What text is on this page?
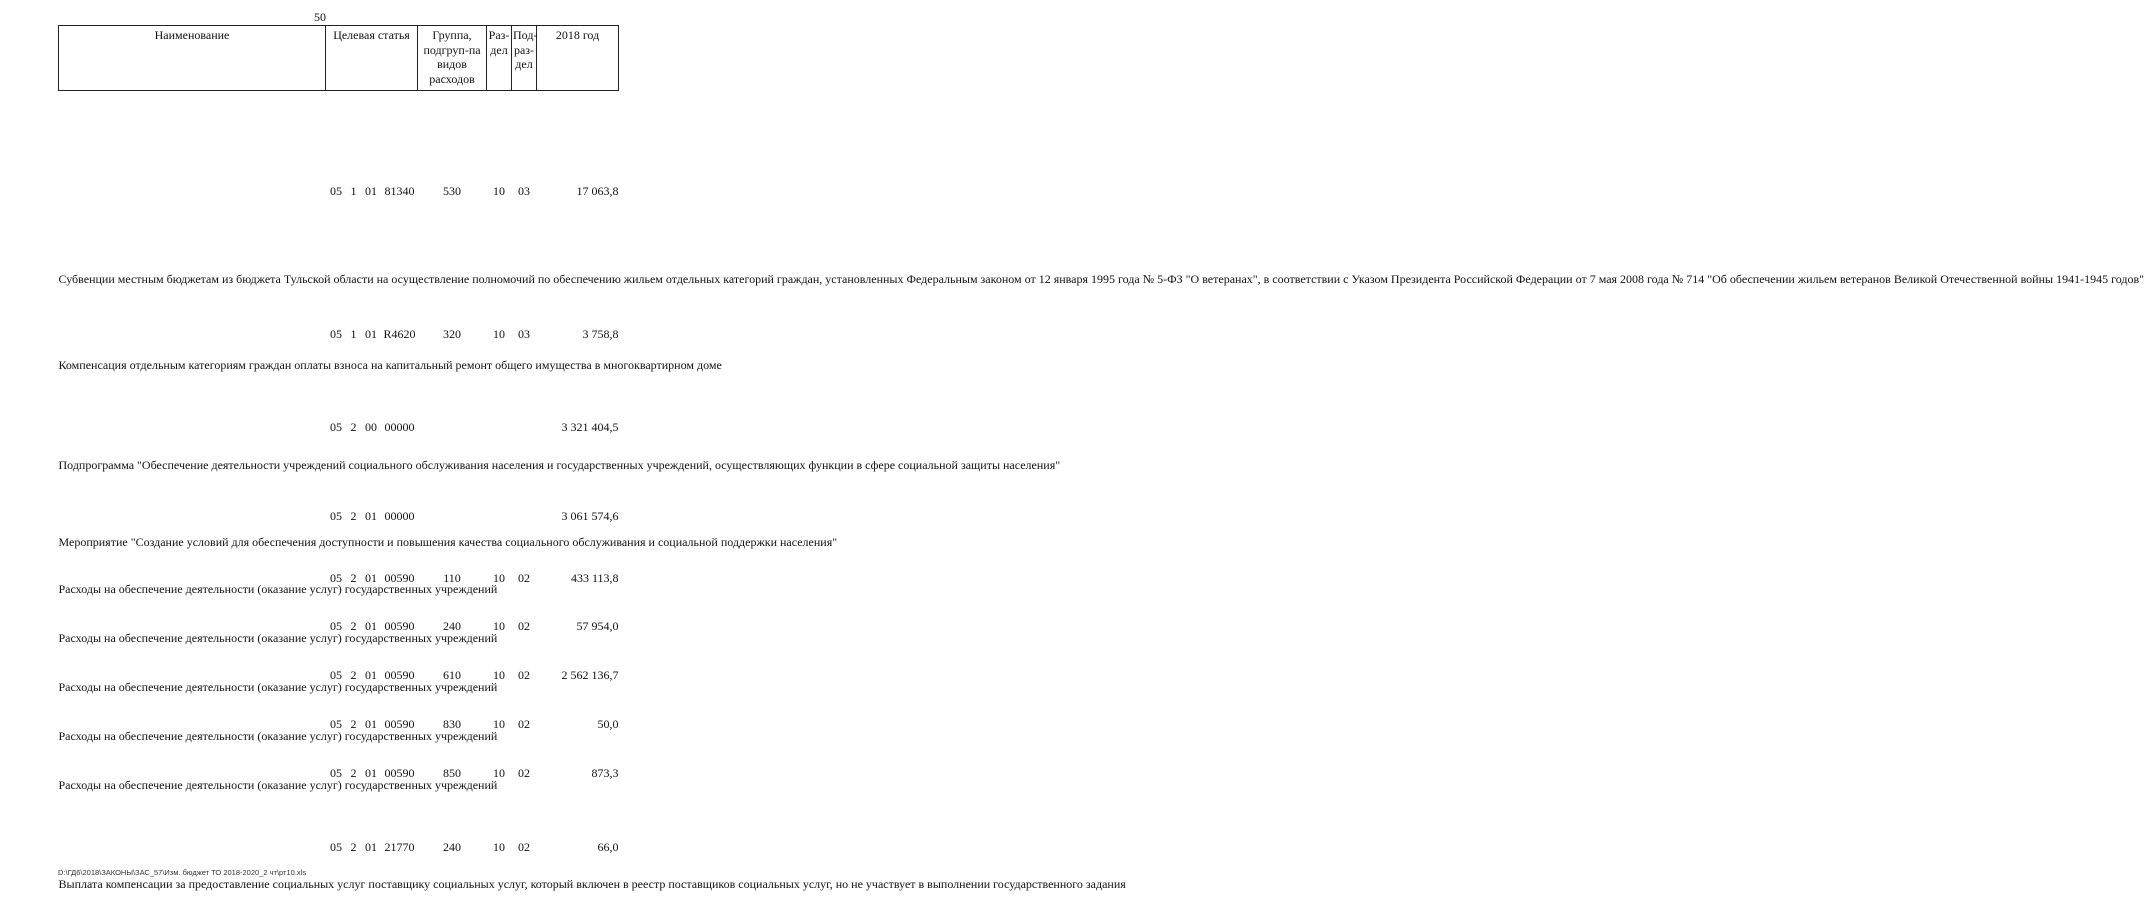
50
Наименование	Целевая статья				Группа, подгруп-па видов расходов	Раз-дел	Под-раз-дел	2018 год
Субвенции местным бюджетам из бюджета Тульской области на осуществление полномочий по обеспечению жильем отдельных категорий граждан, установленных Федеральным законом от 12 января 1995 года № 5-ФЗ "О ветеранах", в соответствии с Указом Президента Российской Федерации от 7 мая 2008 года № 714 "Об обеспечении жильем ветеранов Великой Отечественной войны 1941-1945 годов"	05	1	01	81340	530	10	03	17 063,8
Компенсация отдельным категориям граждан оплаты взноса на капитальный ремонт общего имущества в многоквартирном доме	05	1	01	R4620	320	10	03	3 758,8
Подпрограмма "Обеспечение деятельности учреждений социального обслуживания населения и государственных учреждений, осуществляющих функции в сфере социальной защиты населения"	05	2	00	00000				3 321 404,5
Мероприятие "Создание условий для обеспечения доступности и повышения качества социального обслуживания и социальной поддержки населения"	05	2	01	00000				3 061 574,6
Расходы на обеспечение деятельности (оказание услуг) государственных учреждений	05	2	01	00590	110	10	02	433 113,8
Расходы на обеспечение деятельности (оказание услуг) государственных учреждений	05	2	01	00590	240	10	02	57 954,0
Расходы на обеспечение деятельности (оказание услуг) государственных учреждений	05	2	01	00590	610	10	02	2 562 136,7
Расходы на обеспечение деятельности (оказание услуг) государственных учреждений	05	2	01	00590	830	10	02	50,0
Расходы на обеспечение деятельности (оказание услуг) государственных учреждений	05	2	01	00590	850	10	02	873,3
Выплата компенсации за предоставление социальных услуг поставщику социальных услуг, который включен в реестр поставщиков социальных услуг, но не участвует в выполнении государственного задания	05	2	01	21770	240	10	02	66,0
D:\ГД6\2018\ЗАКОНЫ\ЗАС_57\Изм. бюджет ТО 2018-2020_2 чт\рт10.xls
